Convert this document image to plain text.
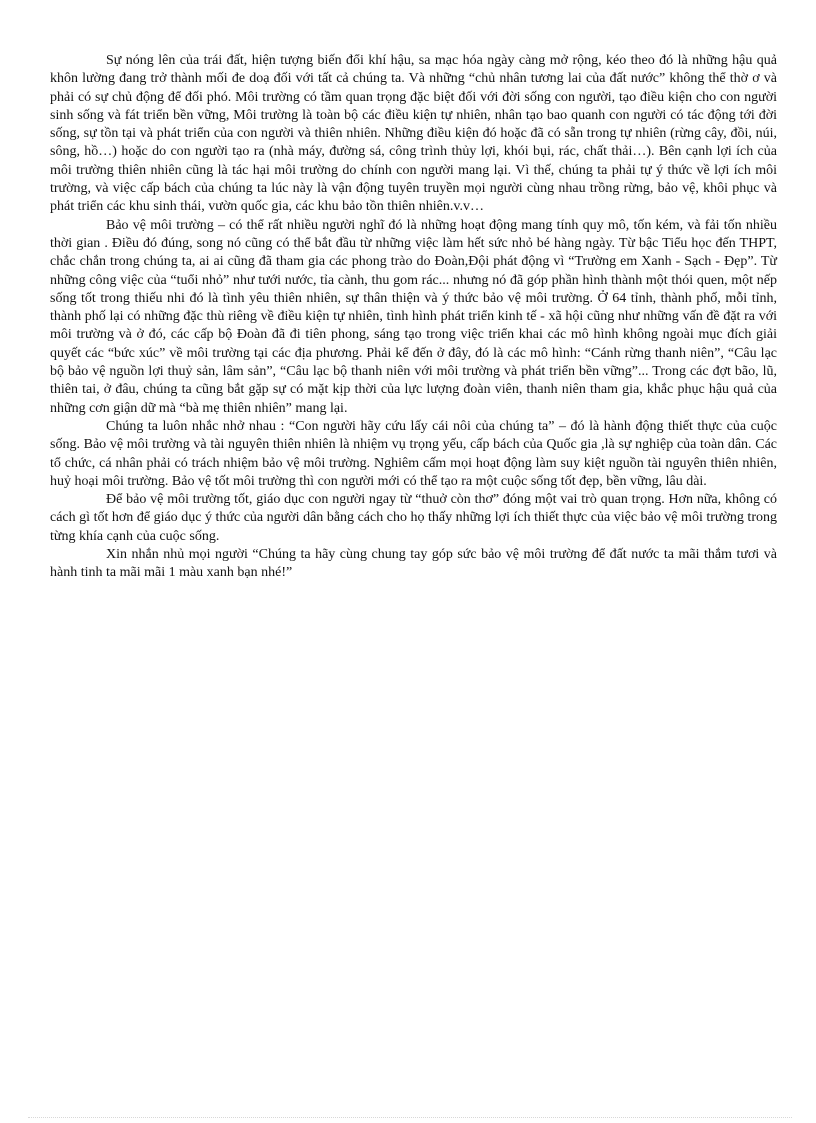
Sự nóng lên của trái đất, hiện tượng biến đổi khí hậu, sa mạc hóa ngày càng mở rộng, kéo theo đó là những hậu quả khôn lường đang trở thành mối đe doạ đối với tất cả chúng ta. Và những “chủ nhân tương lai của đất nước” không thể thờ ơ và phải có sự chủ động để đối phó. Môi trường có tầm quan trọng đặc biệt đối với đời sống con người, tạo điều kiện cho con người sinh sống và fát triển bền vững, Môi trường là toàn bộ các điều kiện tự nhiên, nhân tạo bao quanh con người có tác động tới đời sống, sự tồn tại và phát triển của con người và thiên nhiên. Những điều kiện đó hoặc đã có sẵn trong tự nhiên (rừng cây, đồi, núi, sông, hồ…) hoặc do con người tạo ra (nhà máy, đường sá, công trình thủy lợi, khói bụi, rác, chất thải…). Bên cạnh lợi ích của môi trường thiên nhiên cũng là tác hại môi trường do chính con người mang lại. Vì thế, chúng ta phải tự ý thức về lợi ích môi trường, và việc cấp bách của chúng ta lúc này là vận động tuyên truyền mọi người cùng nhau trồng rừng, bảo vệ, khôi phục và phát triển các khu sinh thái, vườn quốc gia, các khu bảo tồn thiên nhiên.v.v…

Bảo vệ môi trường – có thể rất nhiều người nghĩ đó là những hoạt động mang tính quy mô, tốn kém, và fải tốn nhiều thời gian . Điều đó đúng, song nó cũng có thể bắt đầu từ những việc làm hết sức nhỏ bé hàng ngày. Từ bậc Tiểu học đến THPT, chắc chắn trong chúng ta, ai ai cũng đã tham gia các phong trào do Đoàn,Đội phát động vì “Trường em Xanh - Sạch - Đẹp”. Từ những công việc của “tuổi nhỏ” như tưới nước, tỉa cành, thu gom rác... nhưng nó đã góp phần hình thành một thói quen, một nếp sống tốt trong thiếu nhi đó là tình yêu thiên nhiên, sự thân thiện và ý thức bảo vệ môi trường. Ở 64 tỉnh, thành phố, mỗi tỉnh, thành phố lại có những đặc thù riêng về điều kiện tự nhiên, tình hình phát triển kinh tế - xã hội cũng như những vấn đề đặt ra với môi trường và ở đó, các cấp bộ Đoàn đã đi tiên phong, sáng tạo trong việc triển khai các mô hình không ngoài mục đích giải quyết các “bức xúc” về môi trường tại các địa phương. Phải kể đến ở đây, đó là các mô hình: “Cánh rừng thanh niên”, “Câu lạc bộ bảo vệ nguồn lợi thuỷ sản, lâm sản”, “Câu lạc bộ thanh niên với môi trường và phát triển bền vững”... Trong các đợt bão, lũ, thiên tai, ở đâu, chúng ta cũng bắt gặp sự có mặt kịp thời của lực lượng đoàn viên, thanh niên tham gia, khắc phục hậu quả của những cơn giận dữ mà “bà mẹ thiên nhiên” mang lại.

Chúng ta luôn nhắc nhở nhau : “Con người hãy cứu lấy cái nôi của chúng ta” – đó là hành động thiết thực của cuộc sống. Bảo vệ môi trường và tài nguyên thiên nhiên là nhiệm vụ trọng yếu, cấp bách của Quốc gia ,là sự nghiệp của toàn dân. Các tổ chức, cá nhân phải có trách nhiệm bảo vệ môi trường. Nghiêm cấm mọi hoạt động làm suy kiệt nguồn tài nguyên thiên nhiên, huỷ hoại môi trường. Bảo vệ tốt môi trường thì con người mới có thể tạo ra một cuộc sống tốt đẹp, bền vững, lâu dài.

Để bảo vệ môi trường tốt, giáo dục con người ngay từ “thuở còn thơ” đóng một vai trò quan trọng. Hơn nữa, không có cách gì tốt hơn để giáo dục ý thức của người dân bằng cách cho họ thấy những lợi ích thiết thực của việc bảo vệ môi trường trong từng khía cạnh của cuộc sống.

Xin nhắn nhủ mọi người “Chúng ta hãy cùng chung tay góp sức bảo vệ môi trường để đất nước ta mãi thắm tươi và hành tinh ta mãi mãi 1 màu xanh bạn nhé!”
